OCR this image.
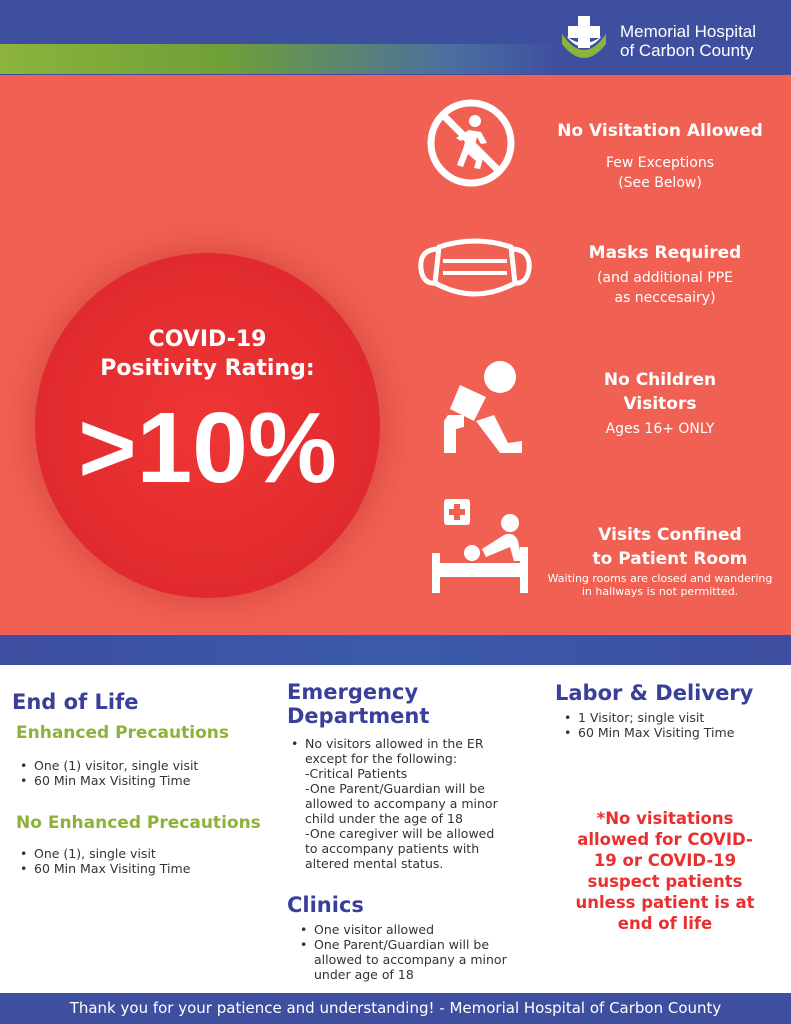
Memorial Hospital
of Carbon County
COVID-19
Positivity Rating:
>10%
No Visitation Allowed
Few Exceptions
(See Below)
Masks Required
(and additional PPE
as neccesairy)
No Children
Visitors
Ages 16+ ONLY
Visits Confined
to Patient Room
Waiting rooms are closed and wandering
in hallways is not permitted.
End of Life
Enhanced Precautions
• One (1) visitor, single visit
• 60 Min Max Visiting Time
No Enhanced Precautions
• One (1), single visit
• 60 Min Max Visiting Time
Emergency
Department
• No visitors allowed in the ER
except for the following:
-Critical Patients
-One Parent/Guardian will be
allowed to accompany a minor
child under the age of 18
-One caregiver will be allowed
to accompany patients with
altered mental status.
Clinics
• One visitor allowed
• One Parent/Guardian will be
allowed to accompany a minor
under age of 18
Labor & Delivery
• 1 Visitor; single visit
• 60 Min Max Visiting Time
*No visitations
allowed for COVID-
19 or COVID-19
suspect patients
unless patient is at
end of life
Thank you for your patience and understanding! - Memorial Hospital of Carbon County
